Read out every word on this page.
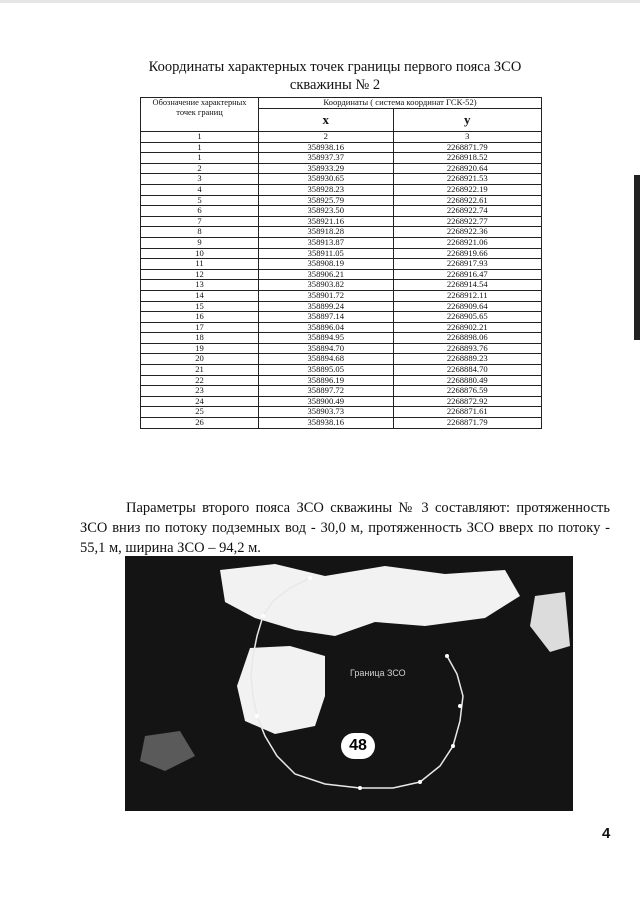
Координаты характерных точек границы первого пояса ЗСО скважины № 2
Обозначение характерных точек границ	Координаты ( система координат ГСК-52)	
	x	y
1	2	3
1	358938.16	2268871.79
1	358937.37	2268918.52
2	358933.29	2268920.64
3	358930.65	2268921.53
4	358928.23	2268922.19
5	358925.79	2268922.61
6	358923.50	2268922.74
7	358921.16	2268922.77
8	358918.28	2268922.36
9	358913.87	2268921.06
10	358911.05	2268919.66
11	358908.19	2268917.93
12	358906.21	2268916.47
13	358903.82	2268914.54
14	358901.72	2268912.11
15	358899.24	2268909.64
16	358897.14	2268905.65
17	358896.04	2268902.21
18	358894.95	2268898.06
19	358894.70	2268893.76
20	358894.68	2268889.23
21	358895.05	2268884.70
22	358896.19	2268880.49
23	358897.72	2268876.59
24	358900.49	2268872.92
25	358903.73	2268871.61
26	358938.16	2268871.79
Параметры второго пояса ЗСО скважины № 3 составляют: протяженность ЗСО вниз по потоку подземных вод - 30,0 м, протяженность ЗСО вверх по потоку - 55,1 м, ширина ЗСО – 94,2 м.
Граница ЗСО
48
4
